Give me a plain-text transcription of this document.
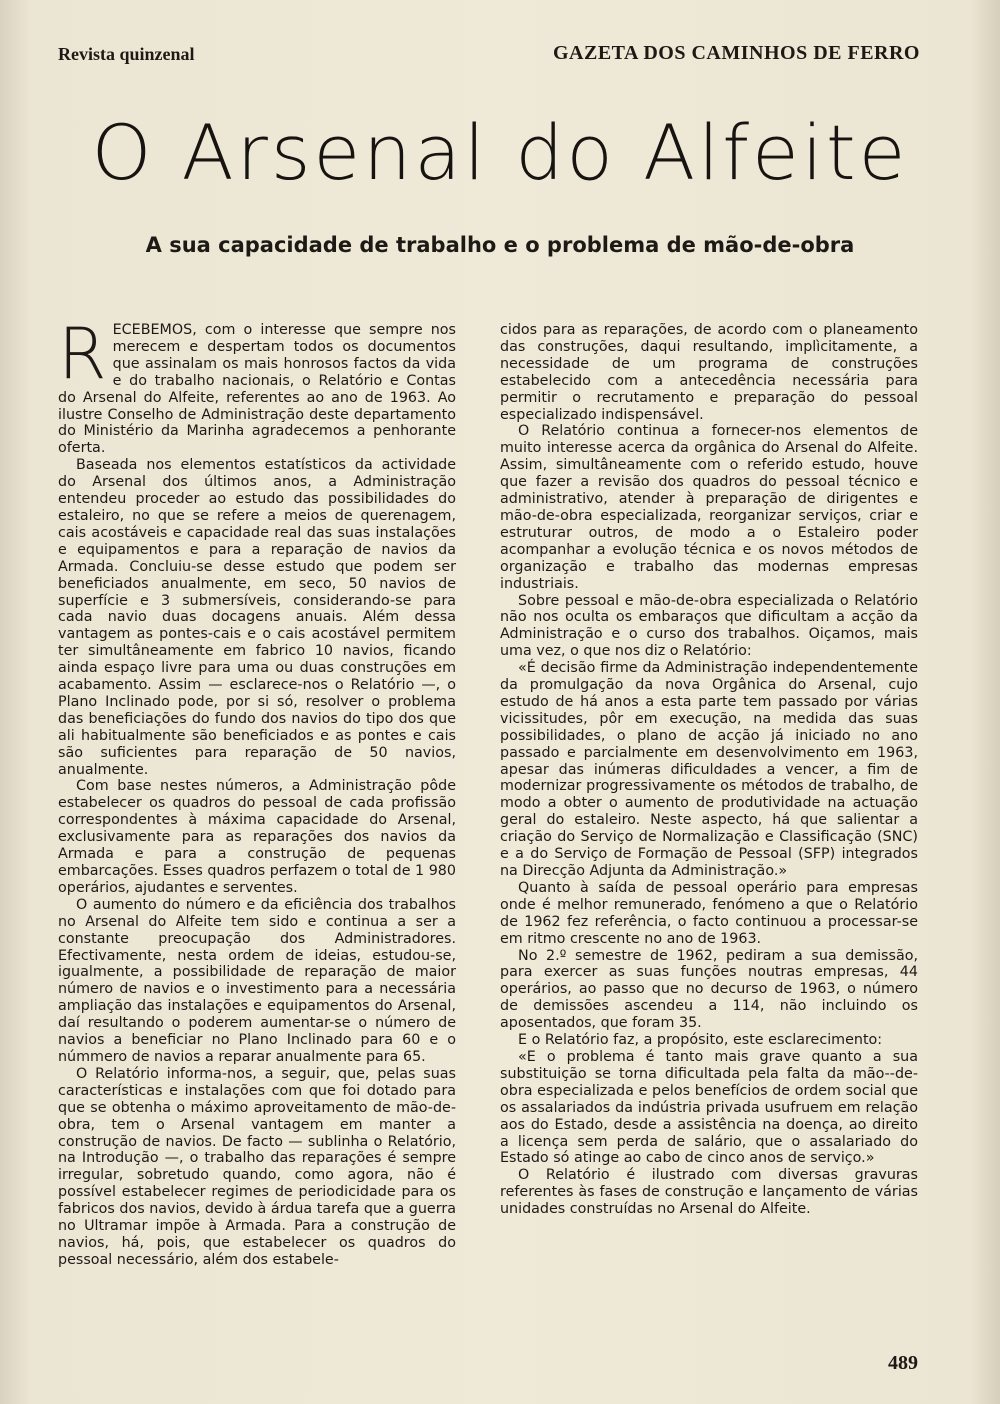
Revista quinzenal	GAZETA DOS CAMINHOS DE FERRO
O Arsenal do Alfeite
A sua capacidade de trabalho e o problema de mão-de-obra

RECEBEMOS, com o interesse que sempre nos merecem e despertam todos os documentos que assinalam os mais honrosos factos da vida e do trabalho nacionais, o Relatório e Contas do Arsenal do Alfeite, referentes ao ano de 1963. Ao ilustre Conselho de Administração deste departamento do Ministério da Marinha agradecemos a penhorante oferta.

Baseada nos elementos estatísticos da actividade do Arsenal dos últimos anos, a Administração entendeu proceder ao estudo das possibilidades do estaleiro, no que se refere a meios de querenagem, cais acostáveis e capacidade real das suas instalações e equipamentos e para a reparação de navios da Armada. Concluiu-se desse estudo que podem ser beneficiados anualmente, em seco, 50 navios de superfície e 3 submersíveis, considerando-se para cada navio duas docagens anuais. Além dessa vantagem as pontes-cais e o cais acostável permitem ter simultâneamente em fabrico 10 navios, ficando ainda espaço livre para uma ou duas construções em acabamento. Assim — esclarece-nos o Relatório —, o Plano Inclinado pode, por si só, resolver o problema das beneficiações do fundo dos navios do tipo dos que ali habitualmente são beneficiados e as pontes e cais são suficientes para reparação de 50 navios, anualmente.

Com base nestes números, a Administração pôde estabelecer os quadros do pessoal de cada profissão correspondentes à máxima capacidade do Arsenal, exclusivamente para as reparações dos navios da Armada e para a construção de pequenas embarcações. Esses quadros perfazem o total de 1 980 operários, ajudantes e serventes.

O aumento do número e da eficiência dos trabalhos no Arsenal do Alfeite tem sido e continua a ser a constante preocupação dos Administradores. Efectivamente, nesta ordem de ideias, estudou-se, igualmente, a possibilidade de reparação de maior número de navios e o investimento para a necessária ampliação das instalações e equipamentos do Arsenal, daí resultando o poderem aumentar-se o número de navios a beneficiar no Plano Inclinado para 60 e o númmero de navios a reparar anualmente para 65.

O Relatório informa-nos, a seguir, que, pelas suas características e instalações com que foi dotado para que se obtenha o máximo aproveitamento de mão-de-obra, tem o Arsenal vantagem em manter a construção de navios. De facto — sublinha o Relatório, na Introdução —, o trabalho das reparações é sempre irregular, sobretudo quando, como agora, não é possível estabelecer regimes de periodicidade para os fabricos dos navios, devido à árdua tarefa que a guerra no Ultramar impõe à Armada. Para a construção de navios, há, pois, que estabelecer os quadros do pessoal necessário, além dos estabele-

cidos para as reparações, de acordo com o planeamento das construções, daqui resultando, implìcitamente, a necessidade de um programa de construções estabelecido com a antecedência necessária para permitir o recrutamento e preparação do pessoal especializado indispensável.

O Relatório continua a fornecer-nos elementos de muito interesse acerca da orgânica do Arsenal do Alfeite. Assim, simultâneamente com o referido estudo, houve que fazer a revisão dos quadros do pessoal técnico e administrativo, atender à preparação de dirigentes e mão-de-obra especializada, reorganizar serviços, criar e estruturar outros, de modo a o Estaleiro poder acompanhar a evolução técnica e os novos métodos de organização e trabalho das modernas empresas industriais.

Sobre pessoal e mão-de-obra especializada o Relatório não nos oculta os embaraços que dificultam a acção da Administração e o curso dos trabalhos. Oiçamos, mais uma vez, o que nos diz o Relatório:

«É decisão firme da Administração independentemente da promulgação da nova Orgânica do Arsenal, cujo estudo de há anos a esta parte tem passado por várias vicissitudes, pôr em execução, na medida das suas possibilidades, o plano de acção já iniciado no ano passado e parcialmente em desenvolvimento em 1963, apesar das inúmeras dificuldades a vencer, a fim de modernizar progressivamente os métodos de trabalho, de modo a obter o aumento de produtividade na actuação geral do estaleiro. Neste aspecto, há que salientar a criação do Serviço de Normalização e Classificação (SNC) e a do Serviço de Formação de Pessoal (SFP) integrados na Direcção Adjunta da Administração.»

Quanto à saída de pessoal operário para empresas onde é melhor remunerado, fenómeno a que o Relatório de 1962 fez referência, o facto continuou a processar-se em ritmo crescente no ano de 1963.

No 2.º semestre de 1962, pediram a sua demissão, para exercer as suas funções noutras empresas, 44 operários, ao passo que no decurso de 1963, o número de demissões ascendeu a 114, não incluindo os aposentados, que foram 35.

E o Relatório faz, a propósito, este esclarecimento:

«E o problema é tanto mais grave quanto a sua substituição se torna dificultada pela falta da mão--de-obra especializada e pelos benefícios de ordem social que os assalariados da indústria privada usufruem em relação aos do Estado, desde a assistência na doença, ao direito a licença sem perda de salário, que o assalariado do Estado só atinge ao cabo de cinco anos de serviço.»

O Relatório é ilustrado com diversas gravuras referentes às fases de construção e lançamento de várias unidades construídas no Arsenal do Alfeite.

489
